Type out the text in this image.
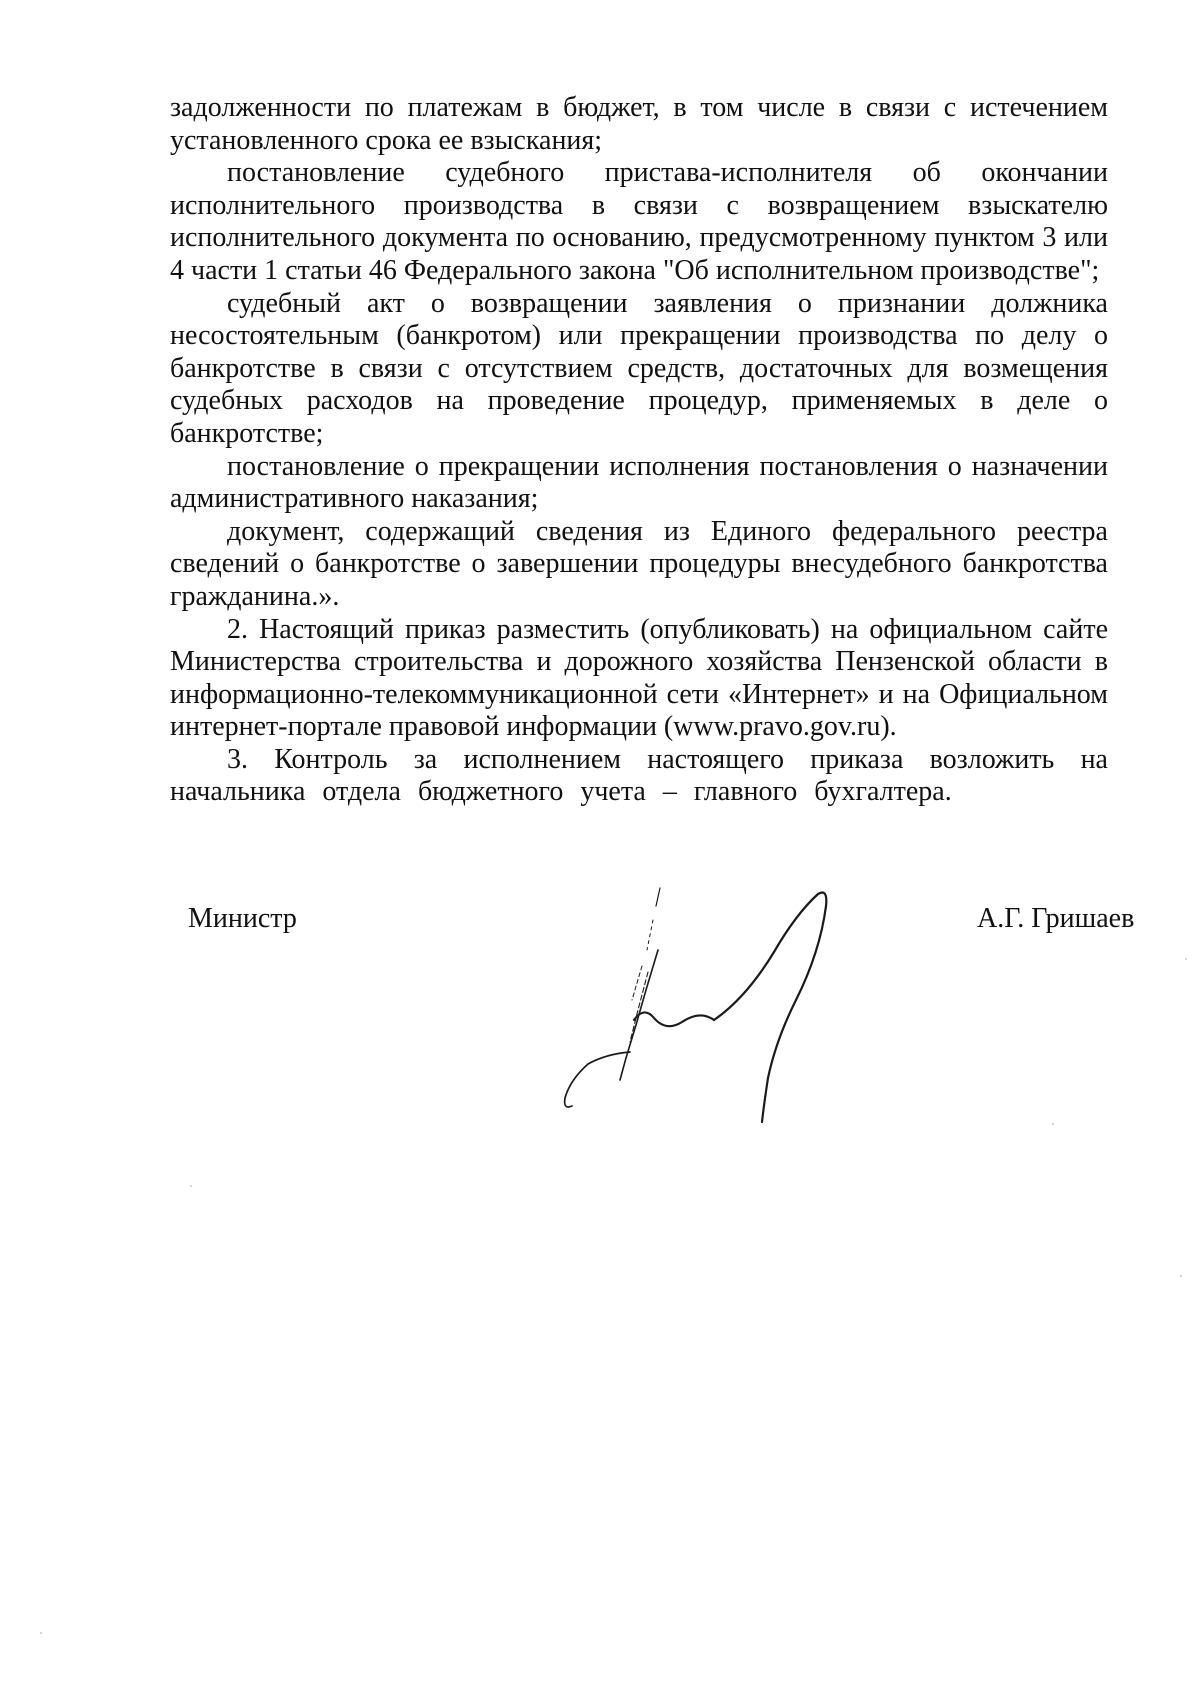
задолженности по платежам в бюджет, в том числе в связи с истечением установленного срока ее взыскания;

постановление судебного пристава-исполнителя об окончании исполнительного производства в связи с возвращением взыскателю исполнительного документа по основанию, предусмотренному пунктом 3 или 4 части 1 статьи 46 Федерального закона "Об исполнительном производстве";

судебный акт о возвращении заявления о признании должника несостоятельным (банкротом) или прекращении производства по делу о банкротстве в связи с отсутствием средств, достаточных для возмещения судебных расходов на проведение процедур, применяемых в деле о банкротстве;

постановление о прекращении исполнения постановления о назначении административного наказания;

документ, содержащий сведения из Единого федерального реестра сведений о банкротстве о завершении процедуры внесудебного банкротства гражданина.».

2. Настоящий приказ разместить (опубликовать) на официальном сайте Министерства строительства и дорожного хозяйства Пензенской области в информационно-телекоммуникационной сети «Интернет» и на Официальном интернет-портале правовой информации (www.pravo.gov.ru).

3. Контроль за исполнением настоящего приказа возложить на начальника отдела бюджетного учета – главного бухгалтера.

Министр	А.Г. Гришаев
